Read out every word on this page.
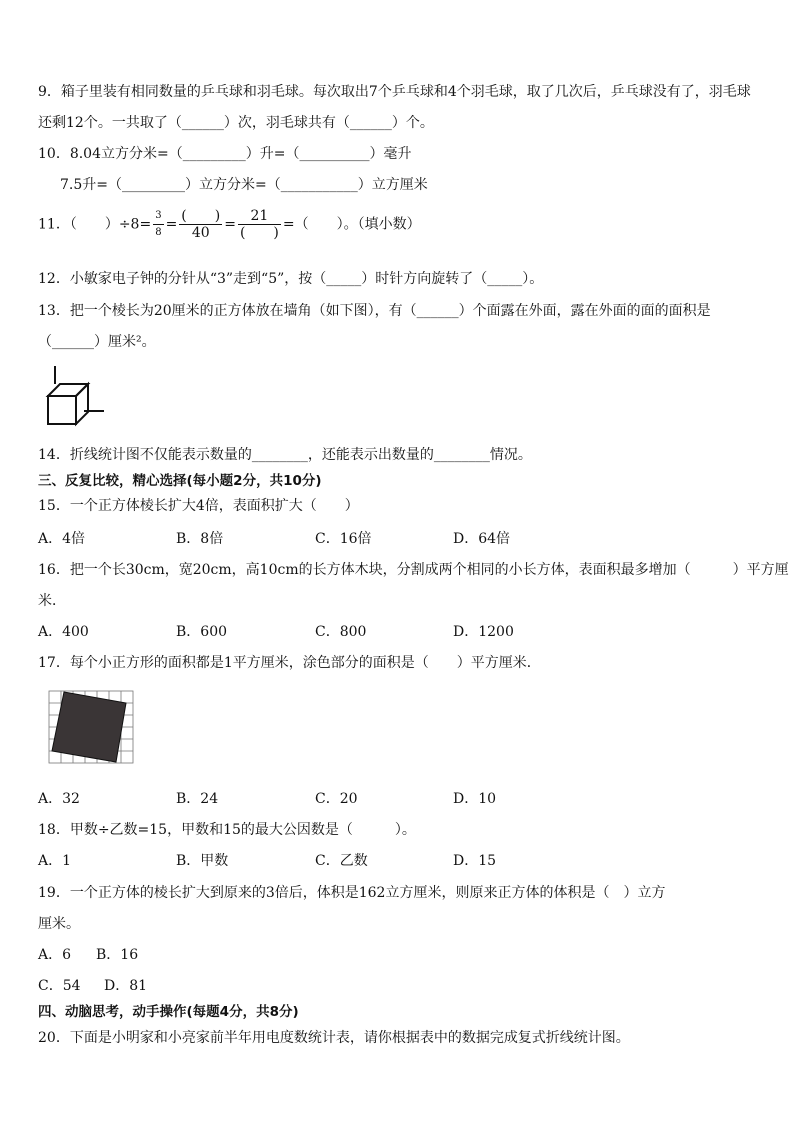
9．箱子里装有相同数量的乒乓球和羽毛球。每次取出7个乒乓球和4个羽毛球，取了几次后，乒乓球没有了，羽毛球
还剩12个。一共取了（______）次，羽毛球共有（______）个。
10．8.04立方分米=（_________）升=（__________）毫升
7.5升=（_________）立方分米=（___________）立方厘米
11．（　　）$\div 8= \frac{3}{8} = \frac{( )}{40} = \frac{21}{( )}$ =（　　）。（填小数）
12．小敏家电子钟的分针从“3”走到“5”，按（_____）时针方向旋转了（_____）。
13．把一个棱长为20厘米的正方体放在墙角（如下图），有（______）个面露在外面，露在外面的面的面积是
（______）厘米²。
14．折线统计图不仅能表示数量的________，还能表示出数量的________情况。
三、反复比较，精心选择(每小题2分，共10分)
15．一个正方体棱长扩大4倍，表面积扩大（　　）
A．4倍	B．8倍	C．16倍	D．64倍
16．把一个长30cm，宽20cm，高10cm的长方体木块，分割成两个相同的小长方体，表面积最多增加（　　　）平方厘
米．
A．400	B．600	C．800	D．1200
17．每个小正方形的面积都是1平方厘米，涂色部分的面积是（　　）平方厘米．
A．32	B．24	C．20	D．10
18．甲数÷乙数=15，甲数和15的最大公因数是（　　　）。
A．1	B．甲数	C．乙数	D．15
19．一个正方体的棱长扩大到原来的3倍后，体积是162立方厘米，则原来正方体的体积是（　）立方
厘米。
A．6 B．16
C．54 D．81
四、动脑思考，动手操作(每题4分，共8分)
20．下面是小明家和小亮家前半年用电度数统计表，请你根据表中的数据完成复式折线统计图。
